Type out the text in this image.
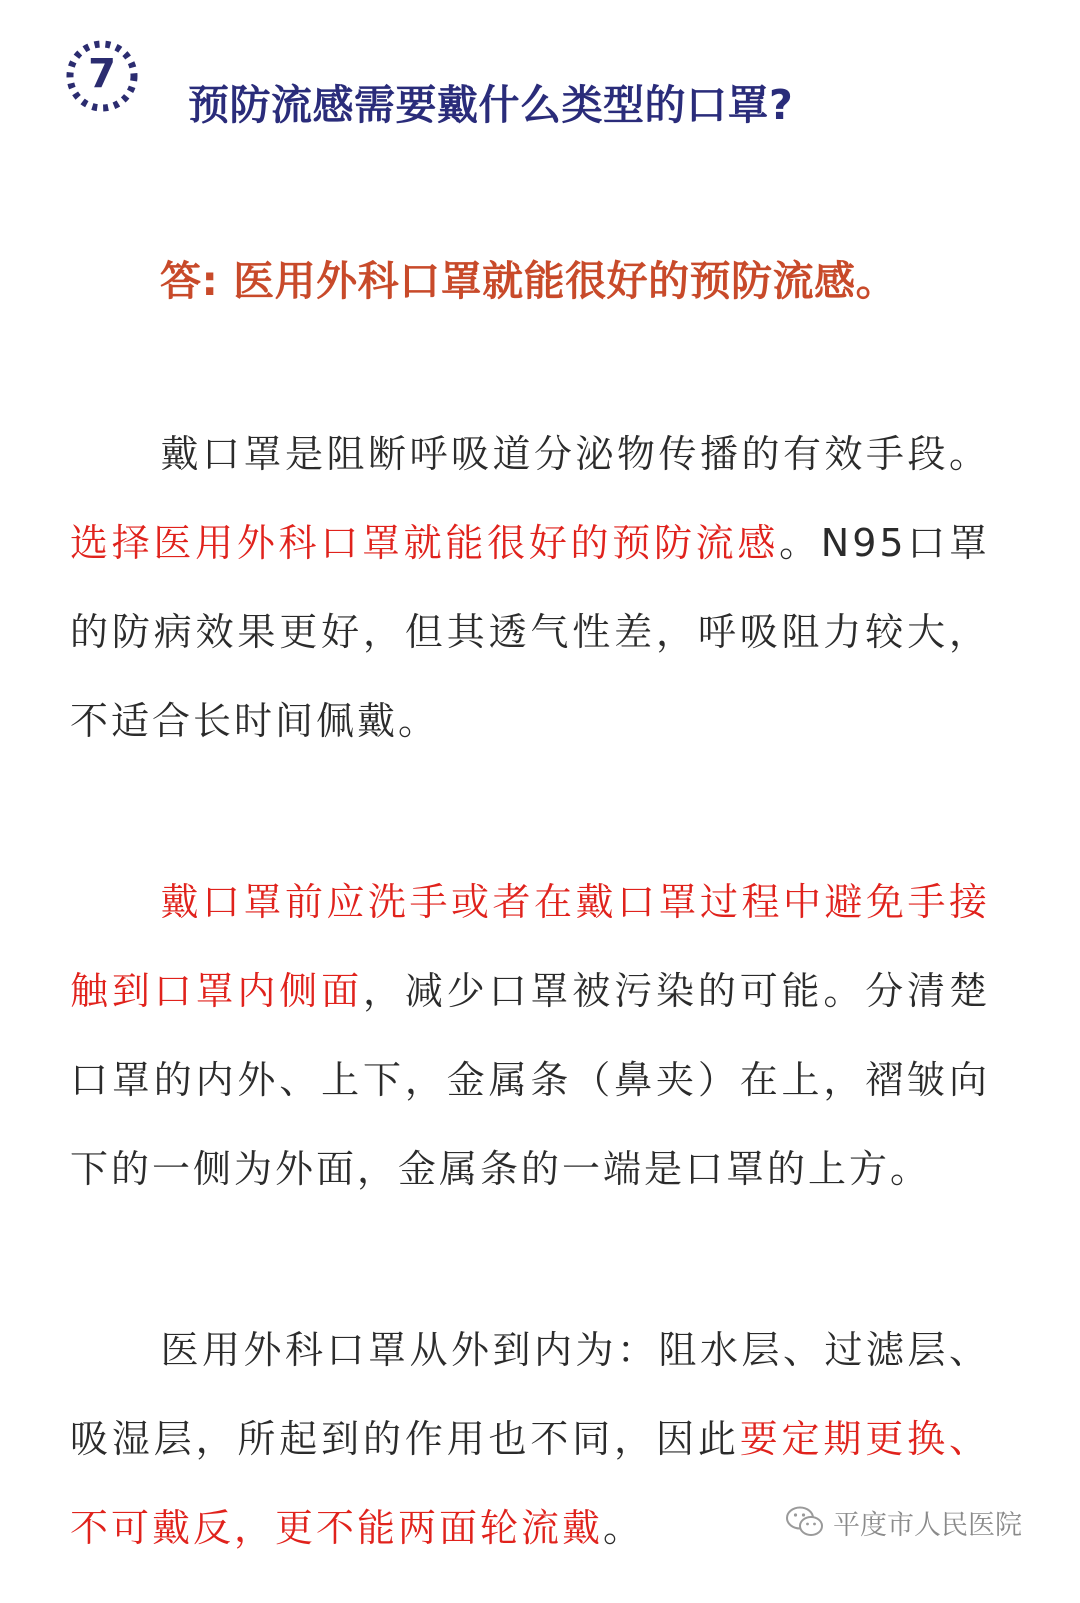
7
预防流感需要戴什么类型的口罩?
答: 医用外科口罩就能很好的预防流感。
戴口罩是阻断呼吸道分泌物传播的有效手段。选择医用外科口罩就能很好的预防流感。N95口罩的防病效果更好，但其透气性差，呼吸阻力较大，不适合长时间佩戴。
戴口罩前应洗手或者在戴口罩过程中避免手接触到口罩内侧面，减少口罩被污染的可能。分清楚口罩的内外、上下，金属条（鼻夹）在上，褶皱向下的一侧为外面，金属条的一端是口罩的上方。
医用外科口罩从外到内为：阻水层、过滤层、吸湿层，所起到的作用也不同，因此要定期更换、不可戴反，更不能两面轮流戴。	平度市人民医院
